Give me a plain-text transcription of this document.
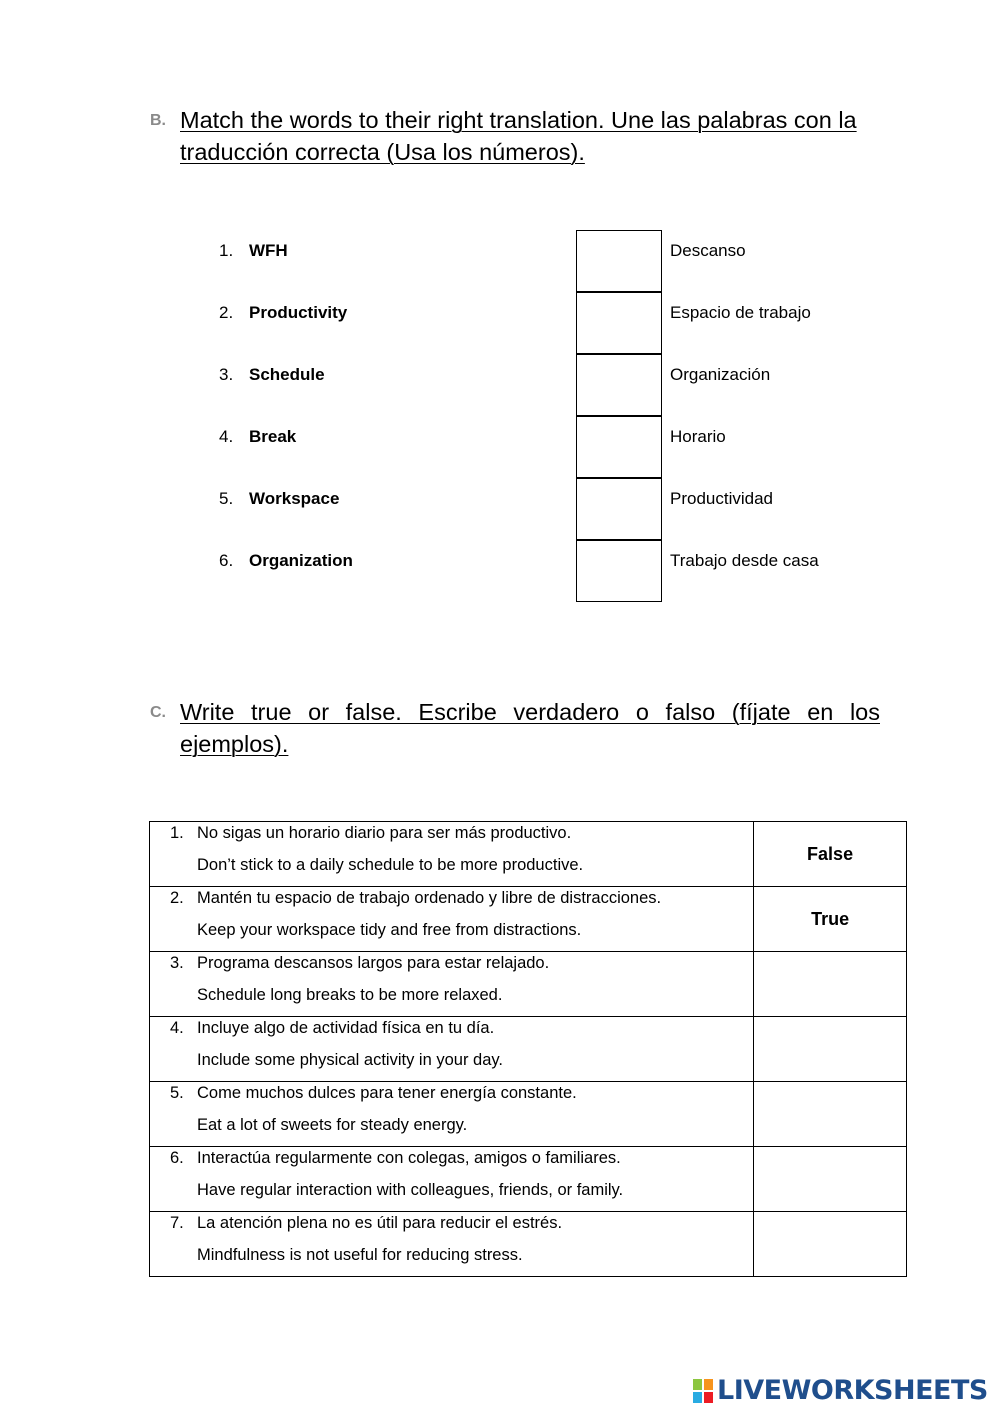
B. Match the words to their right translation. Une las palabras con la traducción correcta (Usa los números).
1. WFH	Descanso
2. Productivity	Espacio de trabajo
3. Schedule	Organización
4. Break	Horario
5. Workspace	Productividad
6. Organization	Trabajo desde casa
C. Write true or false. Escribe verdadero o falso (fíjate en los ejemplos).
1. No sigas un horario diario para ser más productivo.
Don’t stick to a daily schedule to be more productive.	False

2. Mantén tu espacio de trabajo ordenado y libre de distracciones.
Keep your workspace tidy and free from distractions.	True

3. Programa descansos largos para estar relajado.
Schedule long breaks to be more relaxed.	

4. Incluye algo de actividad física en tu día.
Include some physical activity in your day.	

5. Come muchos dulces para tener energía constante.
Eat a lot of sweets for steady energy.	

6. Interactúa regularmente con colegas, amigos o familiares.
Have regular interaction with colleagues, friends, or family.	

7. La atención plena no es útil para reducir el estrés.
Mindfulness is not useful for reducing stress.	

LIVEWORKSHEETS
